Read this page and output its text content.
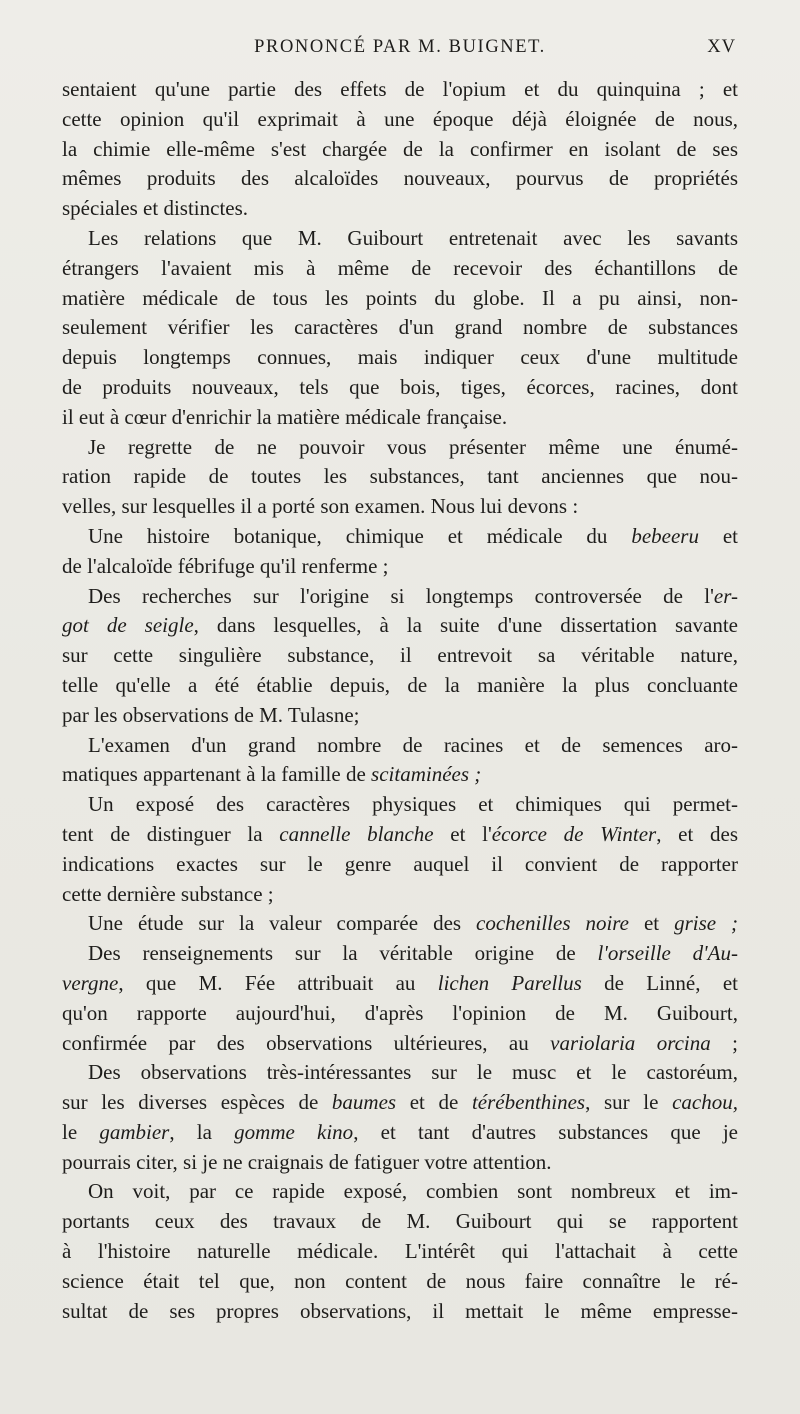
PRONONCÉ PAR M. BUIGNET.	XV
sentaient qu'une partie des effets de l'opium et du quinquina ; et
cette opinion qu'il exprimait à une époque déjà éloignée de nous,
la chimie elle-même s'est chargée de la confirmer en isolant de ses
mêmes produits des alcaloïdes nouveaux, pourvus de propriétés
spéciales et distinctes.
Les relations que M. Guibourt entretenait avec les savants
étrangers l'avaient mis à même de recevoir des échantillons de
matière médicale de tous les points du globe. Il a pu ainsi, non-
seulement vérifier les caractères d'un grand nombre de substances
depuis longtemps connues, mais indiquer ceux d'une multitude
de produits nouveaux, tels que bois, tiges, écorces, racines, dont
il eut à cœur d'enrichir la matière médicale française.
Je regrette de ne pouvoir vous présenter même une énumé-
ration rapide de toutes les substances, tant anciennes que nou-
velles, sur lesquelles il a porté son examen. Nous lui devons :
Une histoire botanique, chimique et médicale du bebeeru et
de l'alcaloïde fébrifuge qu'il renferme ;
Des recherches sur l'origine si longtemps controversée de l'er-
got de seigle, dans lesquelles, à la suite d'une dissertation savante
sur cette singulière substance, il entrevoit sa véritable nature,
telle qu'elle a été établie depuis, de la manière la plus concluante
par les observations de M. Tulasne;
L'examen d'un grand nombre de racines et de semences aro-
matiques appartenant à la famille de scitaminées ;
Un exposé des caractères physiques et chimiques qui permet-
tent de distinguer la cannelle blanche et l'écorce de Winter, et des
indications exactes sur le genre auquel il convient de rapporter
cette dernière substance ;
Une étude sur la valeur comparée des cochenilles noire et grise ;
Des renseignements sur la véritable origine de l'orseille d'Au-
vergne, que M. Fée attribuait au lichen Parellus de Linné, et
qu'on rapporte aujourd'hui, d'après l'opinion de M. Guibourt,
confirmée par des observations ultérieures, au variolaria orcina ;
Des observations très-intéressantes sur le musc et le castoréum,
sur les diverses espèces de baumes et de térébenthines, sur le cachou,
le gambier, la gomme kino, et tant d'autres substances que je
pourrais citer, si je ne craignais de fatiguer votre attention.
On voit, par ce rapide exposé, combien sont nombreux et im-
portants ceux des travaux de M. Guibourt qui se rapportent
à l'histoire naturelle médicale. L'intérêt qui l'attachait à cette
science était tel que, non content de nous faire connaître le ré-
sultat de ses propres observations, il mettait le même empresse-
